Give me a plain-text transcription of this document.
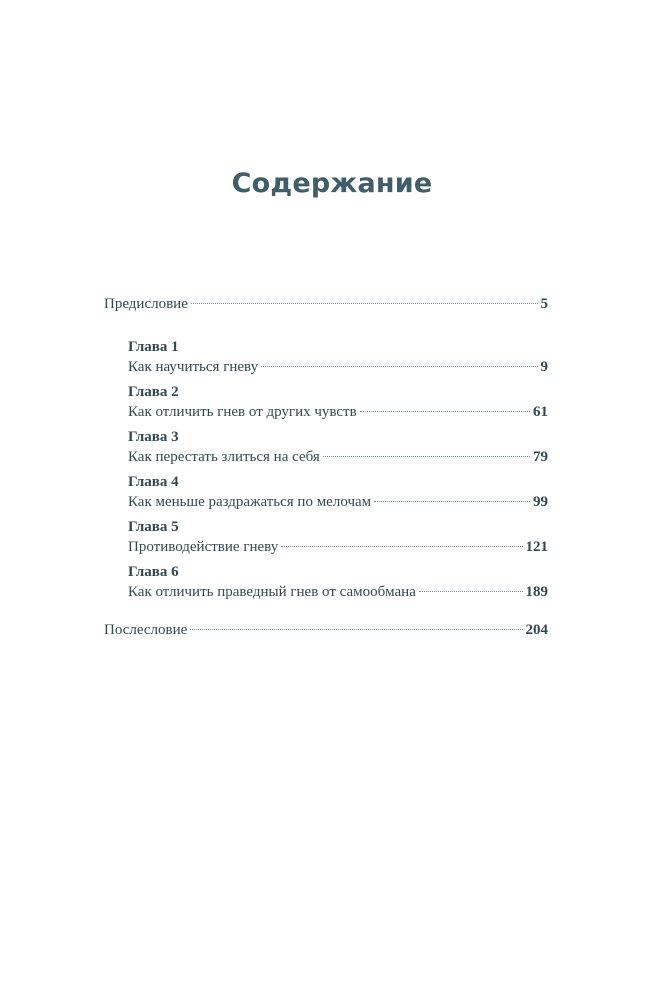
Содержание
Предисловие	5
Глава 1
Как научиться гневу	9
Глава 2
Как отличить гнев от других чувств	61
Глава 3
Как перестать злиться на себя	79
Глава 4
Как меньше раздражаться по мелочам	99
Глава 5
Противодействие гневу	121
Глава 6
Как отличить праведный гнев от самообмана	189
Послесловие	204
